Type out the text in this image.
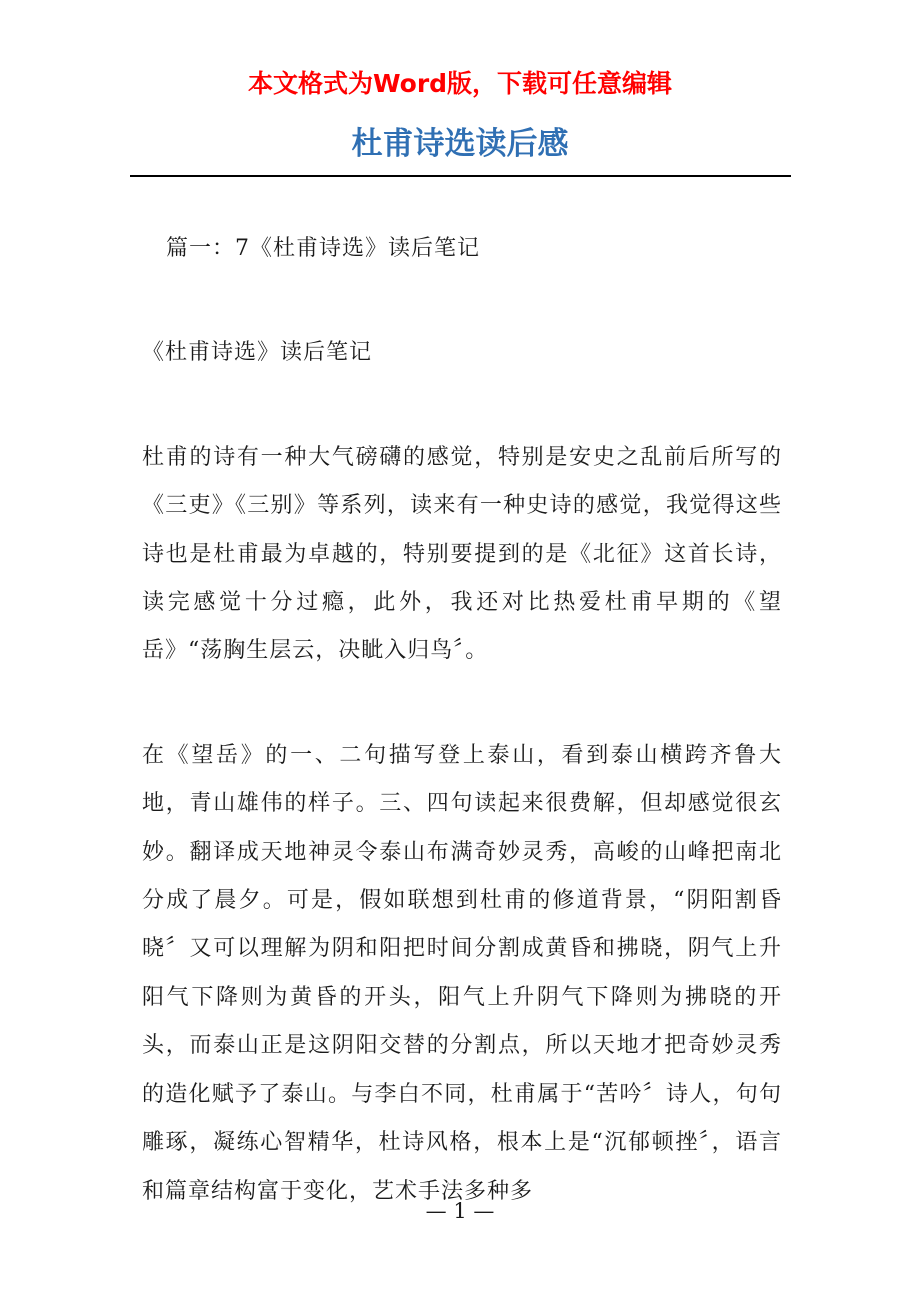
本文格式为Word版，下载可任意编辑
杜甫诗选读后感

篇一：7《杜甫诗选》读后笔记

《杜甫诗选》读后笔记

杜甫的诗有一种大气磅礴的感觉，特别是安史之乱前后所写的《三吏》《三别》等系列，读来有一种史诗的感觉，我觉得这些诗也是杜甫最为卓越的，特别要提到的是《北征》这首长诗，读完感觉十分过瘾，此外，我还对比热爱杜甫早期的《望岳》“荡胸生层云，决眦入归鸟〞。

在《望岳》的一、二句描写登上泰山，看到泰山横跨齐鲁大地，青山雄伟的样子。三、四句读起来很费解，但却感觉很玄妙。翻译成天地神灵令泰山布满奇妙灵秀，高峻的山峰把南北分成了晨夕。可是，假如联想到杜甫的修道背景，“阴阳割昏晓〞又可以理解为阴和阳把时间分割成黄昏和拂晓，阴气上升阳气下降则为黄昏的开头，阳气上升阴气下降则为拂晓的开头，而泰山正是这阴阳交替的分割点，所以天地才把奇妙灵秀的造化赋予了泰山。与李白不同，杜甫属于“苦吟〞诗人，句句雕琢，凝练心智精华，杜诗风格，根本上是“沉郁顿挫〞，语言和篇章结构富于变化，艺术手法多种多

— 1 —
